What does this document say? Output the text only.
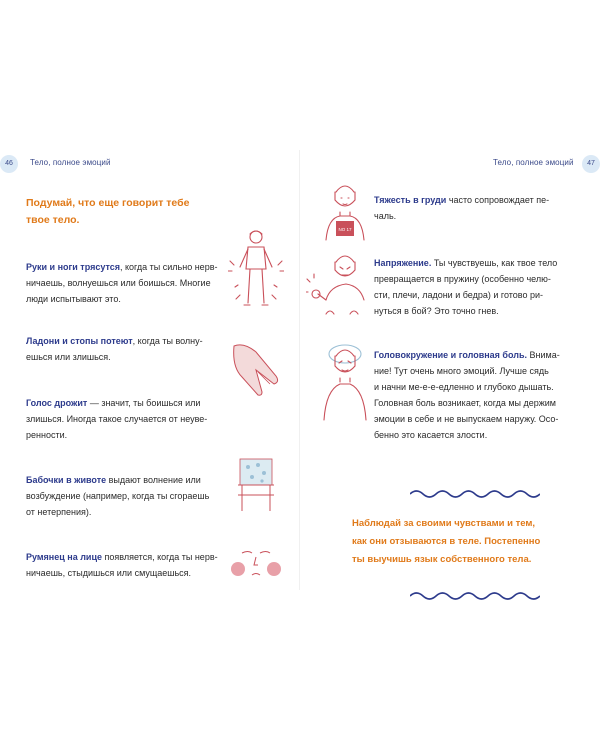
46	Тело, полное эмоций	Тело, полное эмоций	47
Подумай, что еще говорит тебе
твое тело.
Руки и ноги трясутся, когда ты сильно нерв-
ничаешь, волнуешься или боишься. Многие
люди испытывают это.
Ладони и стопы потеют, когда ты волну-
ешься или злишься.
Голос дрожит — значит, ты боишься или
злишься. Иногда такое случается от неуве-
ренности.
Бабочки в животе выдают волнение или
возбуждение (например, когда ты сгораешь
от нетерпения).
Румянец на лице появляется, когда ты нерв-
ничаешь, стыдишься или смущаешься.
NO 17
Тяжесть в груди часто сопровождает пе-
чаль.
Напряжение. Ты чувствуешь, как твое тело
превращается в пружину (особенно челю-
сти, плечи, ладони и бедра) и готово ри-
нуться в бой? Это точно гнев.
Головокружение и головная боль. Внима-
ние! Тут очень много эмоций. Лучше сядь
и начни ме-е-е-едленно и глубоко дышать.
Головная боль возникает, когда мы держим
эмоции в себе и не выпускаем наружу. Осо-
бенно это касается злости.
Наблюдай за своими чувствами и тем,
как они отзываются в теле. Постепенно
ты выучишь язык собственного тела.
